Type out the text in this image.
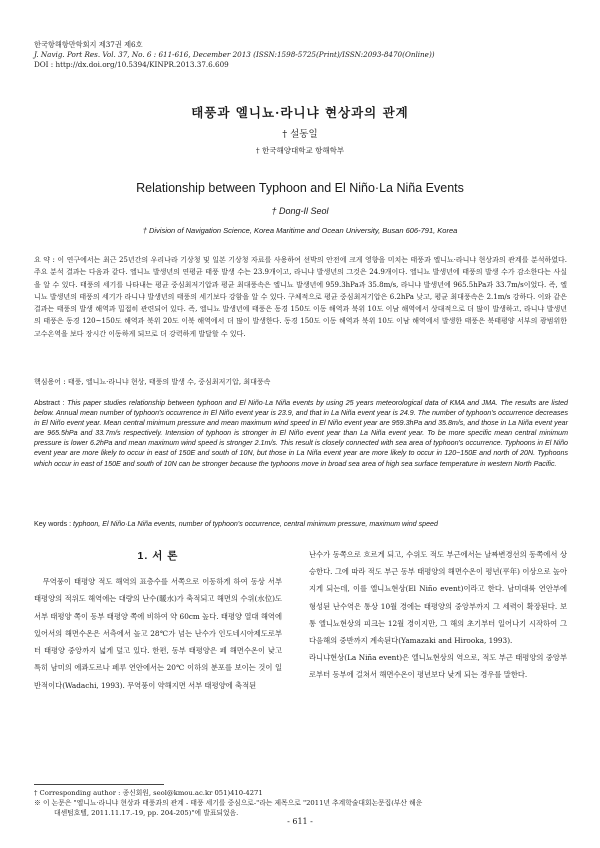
한국항해항만학회지 제37권 제6호
J. Navig. Port Res. Vol. 37, No. 6 : 611-616, December 2013 (ISSN:1598-5725(Print)/ISSN:2093-8470(Online))
DOI : http://dx.doi.org/10.5394/KINPR.2013.37.6.609
태풍과 엘니뇨·라니냐 현상과의 관계
† 설동일
† 한국해양대학교 항해학부
Relationship between Typhoon and El Niño·La Niña Events
† Dong-Il Seol
† Division of Navigation Science, Korea Maritime and Ocean University, Busan 606-791, Korea
요 약 : 이 연구에서는 최근 25년간의 우리나라 기상청 및 일본 기상청 자료를 사용하여 선박의 안전에 크게 영향을 미치는 태풍과 엘니뇨·라니냐 현상과의 관계를 분석하였다. 주요 분석 결과는 다음과 같다. 엘니뇨 발생년의 연평균 태풍 발생 수는 23.9개이고, 라니냐 발생년의 그것은 24.9개이다. 엘니뇨 발생년에 태풍의 발생 수가 감소한다는 사실을 알 수 있다. 태풍의 세기를 나타내는 평균 중심최저기압과 평균 최대풍속은 엘니뇨 발생년에 959.3hPa과 35.8m/s, 라니냐 발생년에 965.5hPa과 33.7m/s이었다. 즉, 엘니뇨 발생년의 태풍의 세기가 라니냐 발생년의 태풍의 세기보다 강함을 알 수 있다. 구체적으로 평균 중심최저기압은 6.2hPa 낮고, 평균 최대풍속은 2.1m/s 강하다. 이와 같은 결과는 태풍의 발생 해역과 밀접히 관련되어 있다. 즉, 엘니뇨 발생년에 태풍은 동경 150도 이동 해역과 북위 10도 이남 해역에서 상대적으로 더 많이 발생하고, 라니냐 발생년의 태풍은 동경 120~150도 해역과 북위 20도 이북 해역에서 더 많이 발생한다. 동경 150도 이동 해역과 북위 10도 이남 해역에서 발생한 태풍은 북태평양 서부의 광범위한 고수온역을 보다 장시간 이동하게 되므로 더 강력하게 발달할 수 있다.
핵심용어 : 태풍, 엘니뇨·라니냐 현상, 태풍의 발생 수, 중심최저기압, 최대풍속
Abstract : This paper studies relationship between typhoon and El Niño·La Niña events by using 25 years meteorological data of KMA and JMA. The results are listed below. Annual mean number of typhoon's occurrence in El Niño event year is 23.9, and that in La Niña event year is 24.9. The number of typhoon's occurrence decreases in El Niño event year. Mean central minimum pressure and mean maximum wind speed in El Niño event year are 959.3hPa and 35.8m/s, and those in La Niña event year are 965.5hPa and 33.7m/s respectively. Intension of typhoon is stronger in El Niño event year than La Niña event year. To be more specific mean central minimum pressure is lower 6.2hPa and mean maximum wind speed is stronger 2.1m/s. This result is closely connected with sea area of typhoon's occurrence. Typhoons in El Niño event year are more likely to occur in east of 150E and south of 10N, but those in La Niña event year are more likely to occur in 120~150E and north of 20N. Typhoons which occur in east of 150E and south of 10N can be stronger because the typhoons move in broad sea area of high sea surface temperature in western North Pacific.
Key words : typhoon, El Niño·La Niña events, number of typhoon's occurrence, central minimum pressure, maximum wind speed
1. 서 론

무역풍이 태평양 적도 해역의 표층수를 서쪽으로 이동하게 하여 동상 서부 태평양의 적위도 해역에는 대량의 난수(暖水)가 축적되고 해면의 수위(水位)도 서부 태평양 쪽이 동부 태평양 쪽에 비하여 약 60cm 높다. 태평양 열대 해역에 있어서의 해면수온은 서측에서 높고 28℃가 넘는 난수가 인도네시아제도로부터 태평양 중앙까지 넓게 덮고 있다. 한편, 동부 태평양은 페 해면수온이 낮고 특히 남미의 에콰도르나 페루 연안에서는 20℃ 이하의 분포를 보이는 것이 일반적이다(Wadachi, 1993). 무역풍이 약해지면 서부 태평양에 축적된

난수가 동쪽으로 흐르게 되고, 수위도 적도 부근에서는 날짜변경선의 동쪽에서 상승한다. 그에 따라 적도 부근 동부 태평양의 해면수온이 평년(平年) 이상으로 높아지게 되는데, 이를 엘니뇨현상(El Niño event)이라고 한다. 남미대륙 연안부에 형성된 난수역은 통상 10월 경에는 태평양의 중앙부까지 그 세력이 확장된다. 보통 엘니뇨현상의 피크는 12월 경이지만, 그 해의 초기부터 일어나기 시작하여 그 다음해의 중반까지 계속된다(Yamazaki and Hirooka, 1993).

라니냐현상(La Niña event)은 엘니뇨현상의 역으로, 적도 부근 태평양의 중앙부로부터 동부에 걸쳐서 해면수온이 평년보다 낮게 되는 경우를 말한다.

† Corresponding author : 종신회원, seol@kmou.ac.kr 051)410-4271
※ 이 논문은 "엘니뇨·라니냐 현상과 태풍과의 관계 - 태풍 세기를 중심으로-"라는 제목으로 "2011년 추계학술대회논문집(부산 해운
대센텀호텔, 2011.11.17.-19, pp. 204-205)"에 발표되었음.
- 611 -
